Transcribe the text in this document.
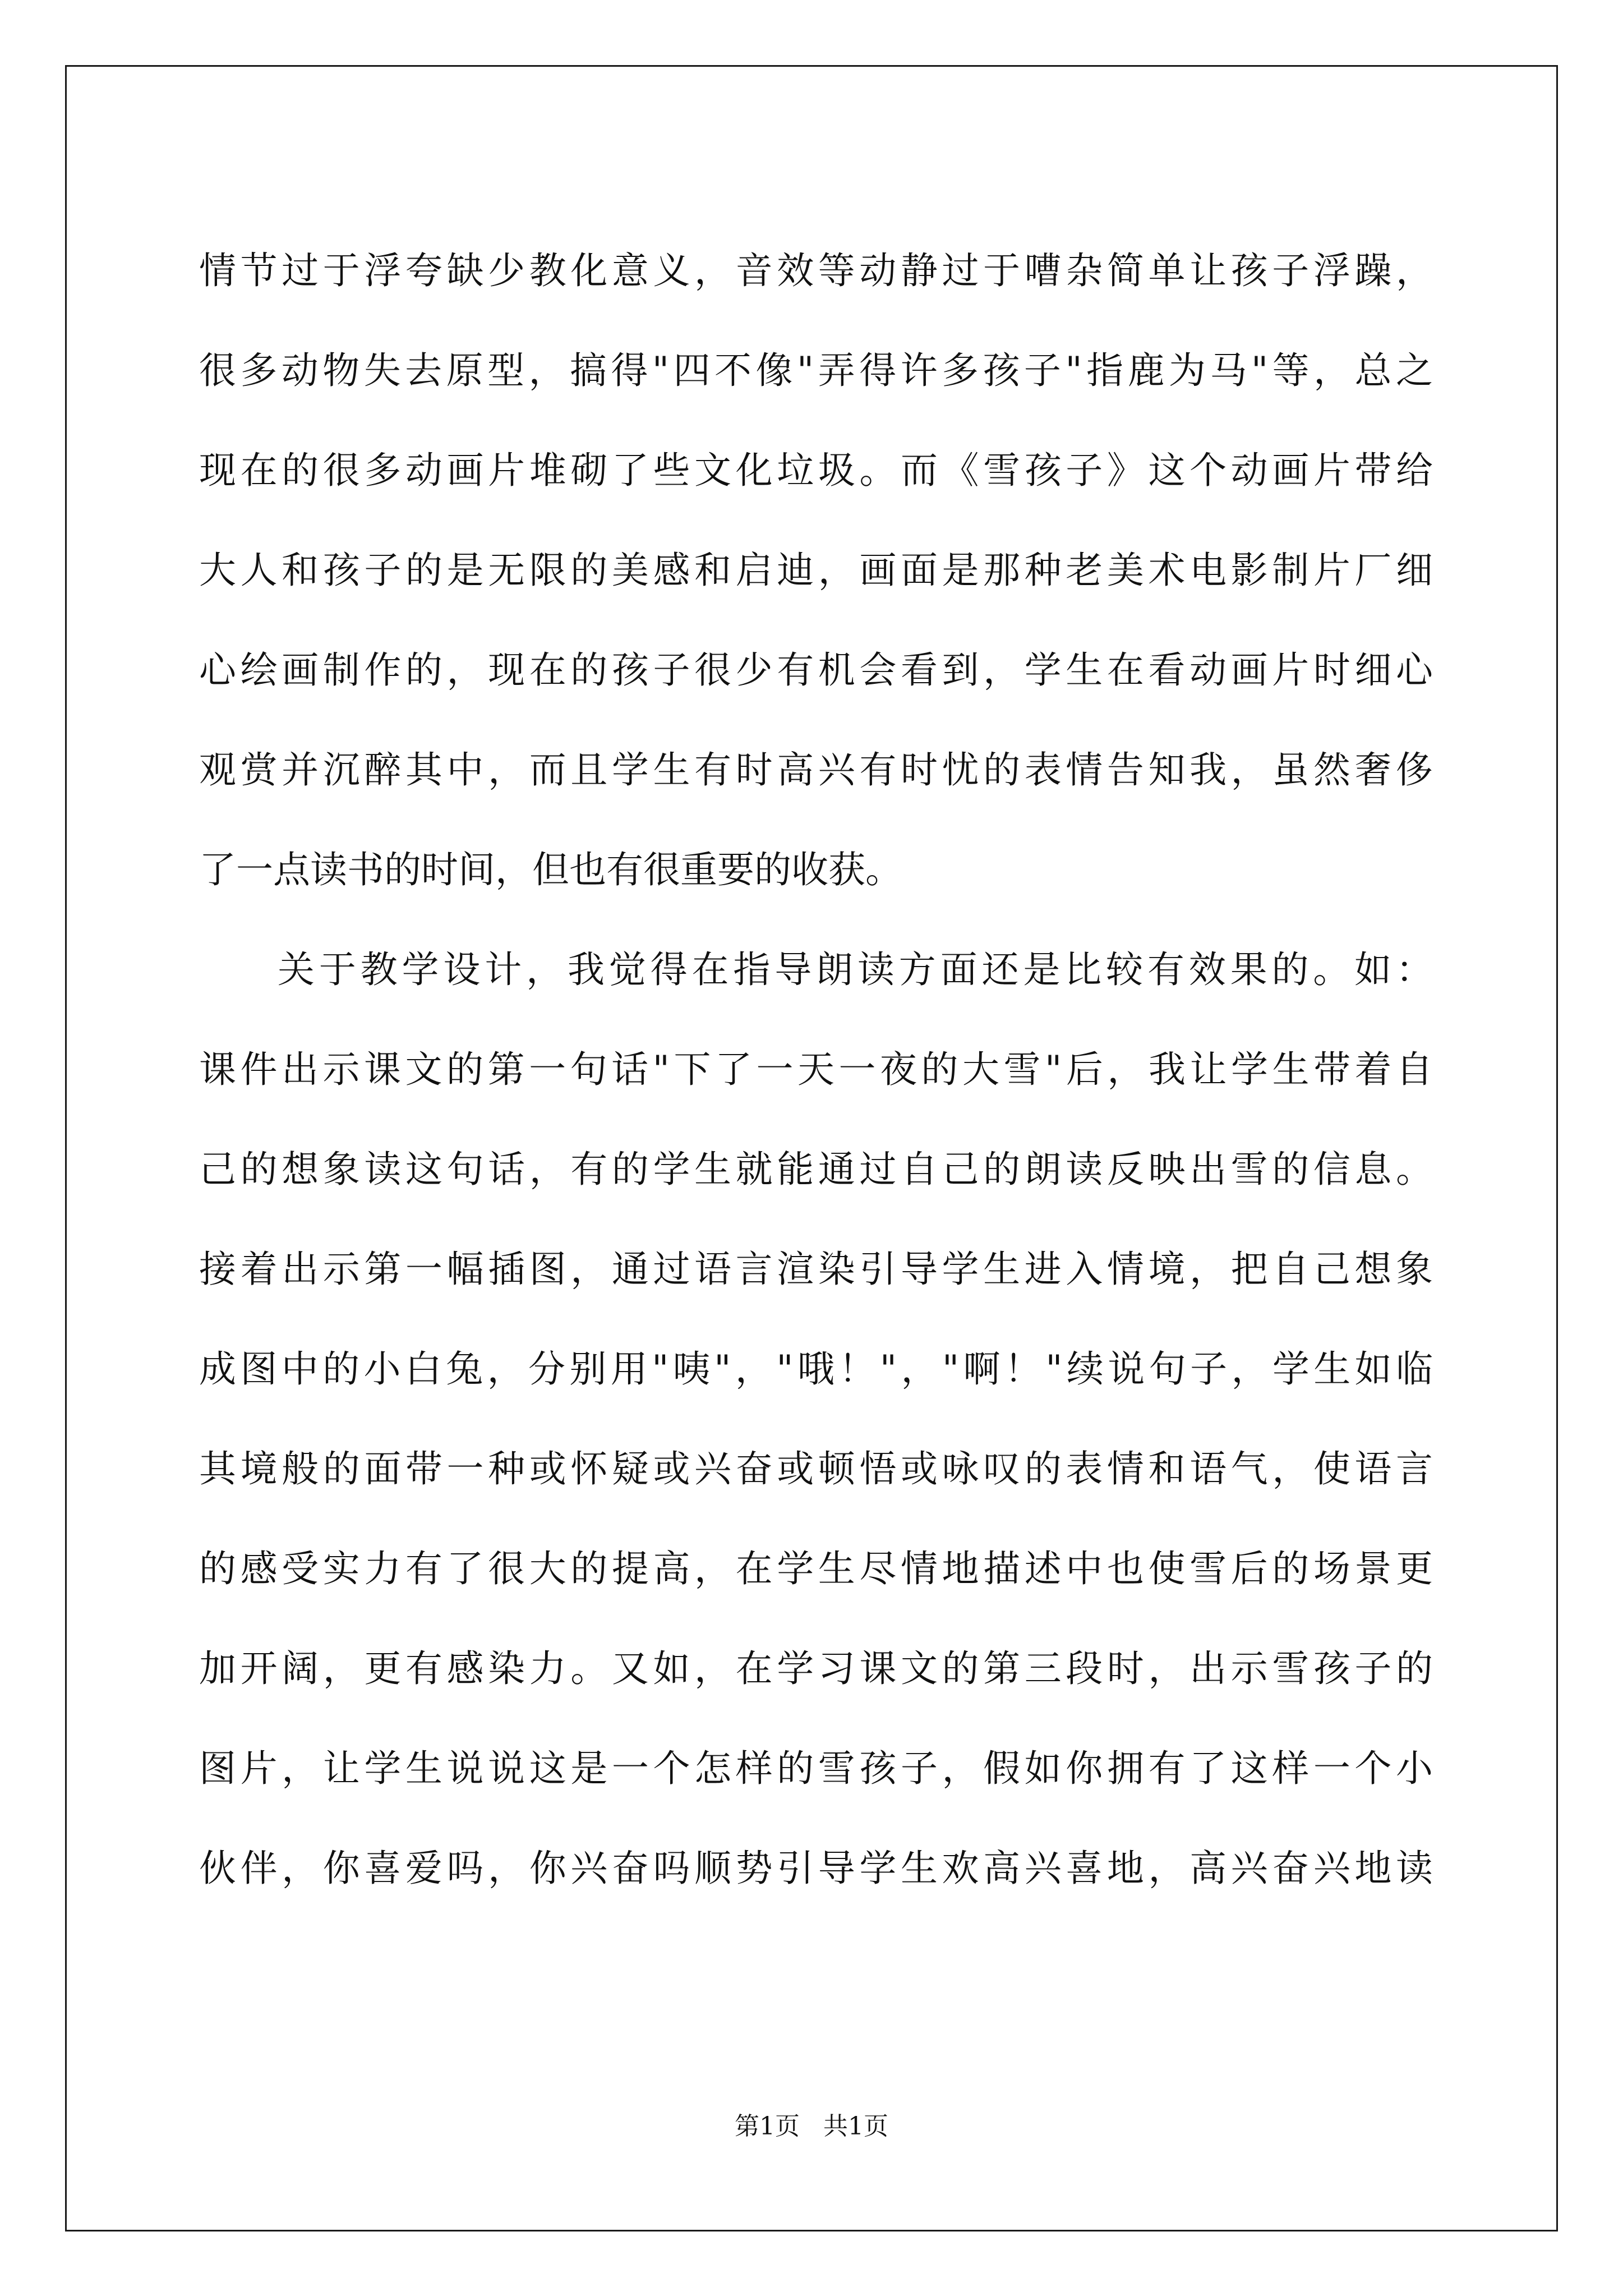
情节过于浮夸缺少教化意义，音效等动静过于嘈杂简单让孩子浮躁，
很多动物失去原型，搞得"四不像"弄得许多孩子"指鹿为马"等，总之
现在的很多动画片堆砌了些文化垃圾。而《雪孩子》这个动画片带给
大人和孩子的是无限的美感和启迪，画面是那种老美术电影制片厂细
心绘画制作的，现在的孩子很少有机会看到，学生在看动画片时细心
观赏并沉醉其中，而且学生有时高兴有时忧的表情告知我，虽然奢侈
了一点读书的时间，但也有很重要的收获。
关于教学设计，我觉得在指导朗读方面还是比较有效果的。如：
课件出示课文的第一句话"下了一天一夜的大雪"后，我让学生带着自
己的想象读这句话，有的学生就能通过自己的朗读反映出雪的信息。
接着出示第一幅插图，通过语言渲染引导学生进入情境，把自己想象
成图中的小白兔，分别用"咦"，"哦！"，"啊！"续说句子，学生如临
其境般的面带一种或怀疑或兴奋或顿悟或咏叹的表情和语气，使语言
的感受实力有了很大的提高，在学生尽情地描述中也使雪后的场景更
加开阔，更有感染力。又如，在学习课文的第三段时，出示雪孩子的
图片，让学生说说这是一个怎样的雪孩子，假如你拥有了这样一个小
伙伴，你喜爱吗，你兴奋吗顺势引导学生欢高兴喜地，高兴奋兴地读
第1页 共1页
